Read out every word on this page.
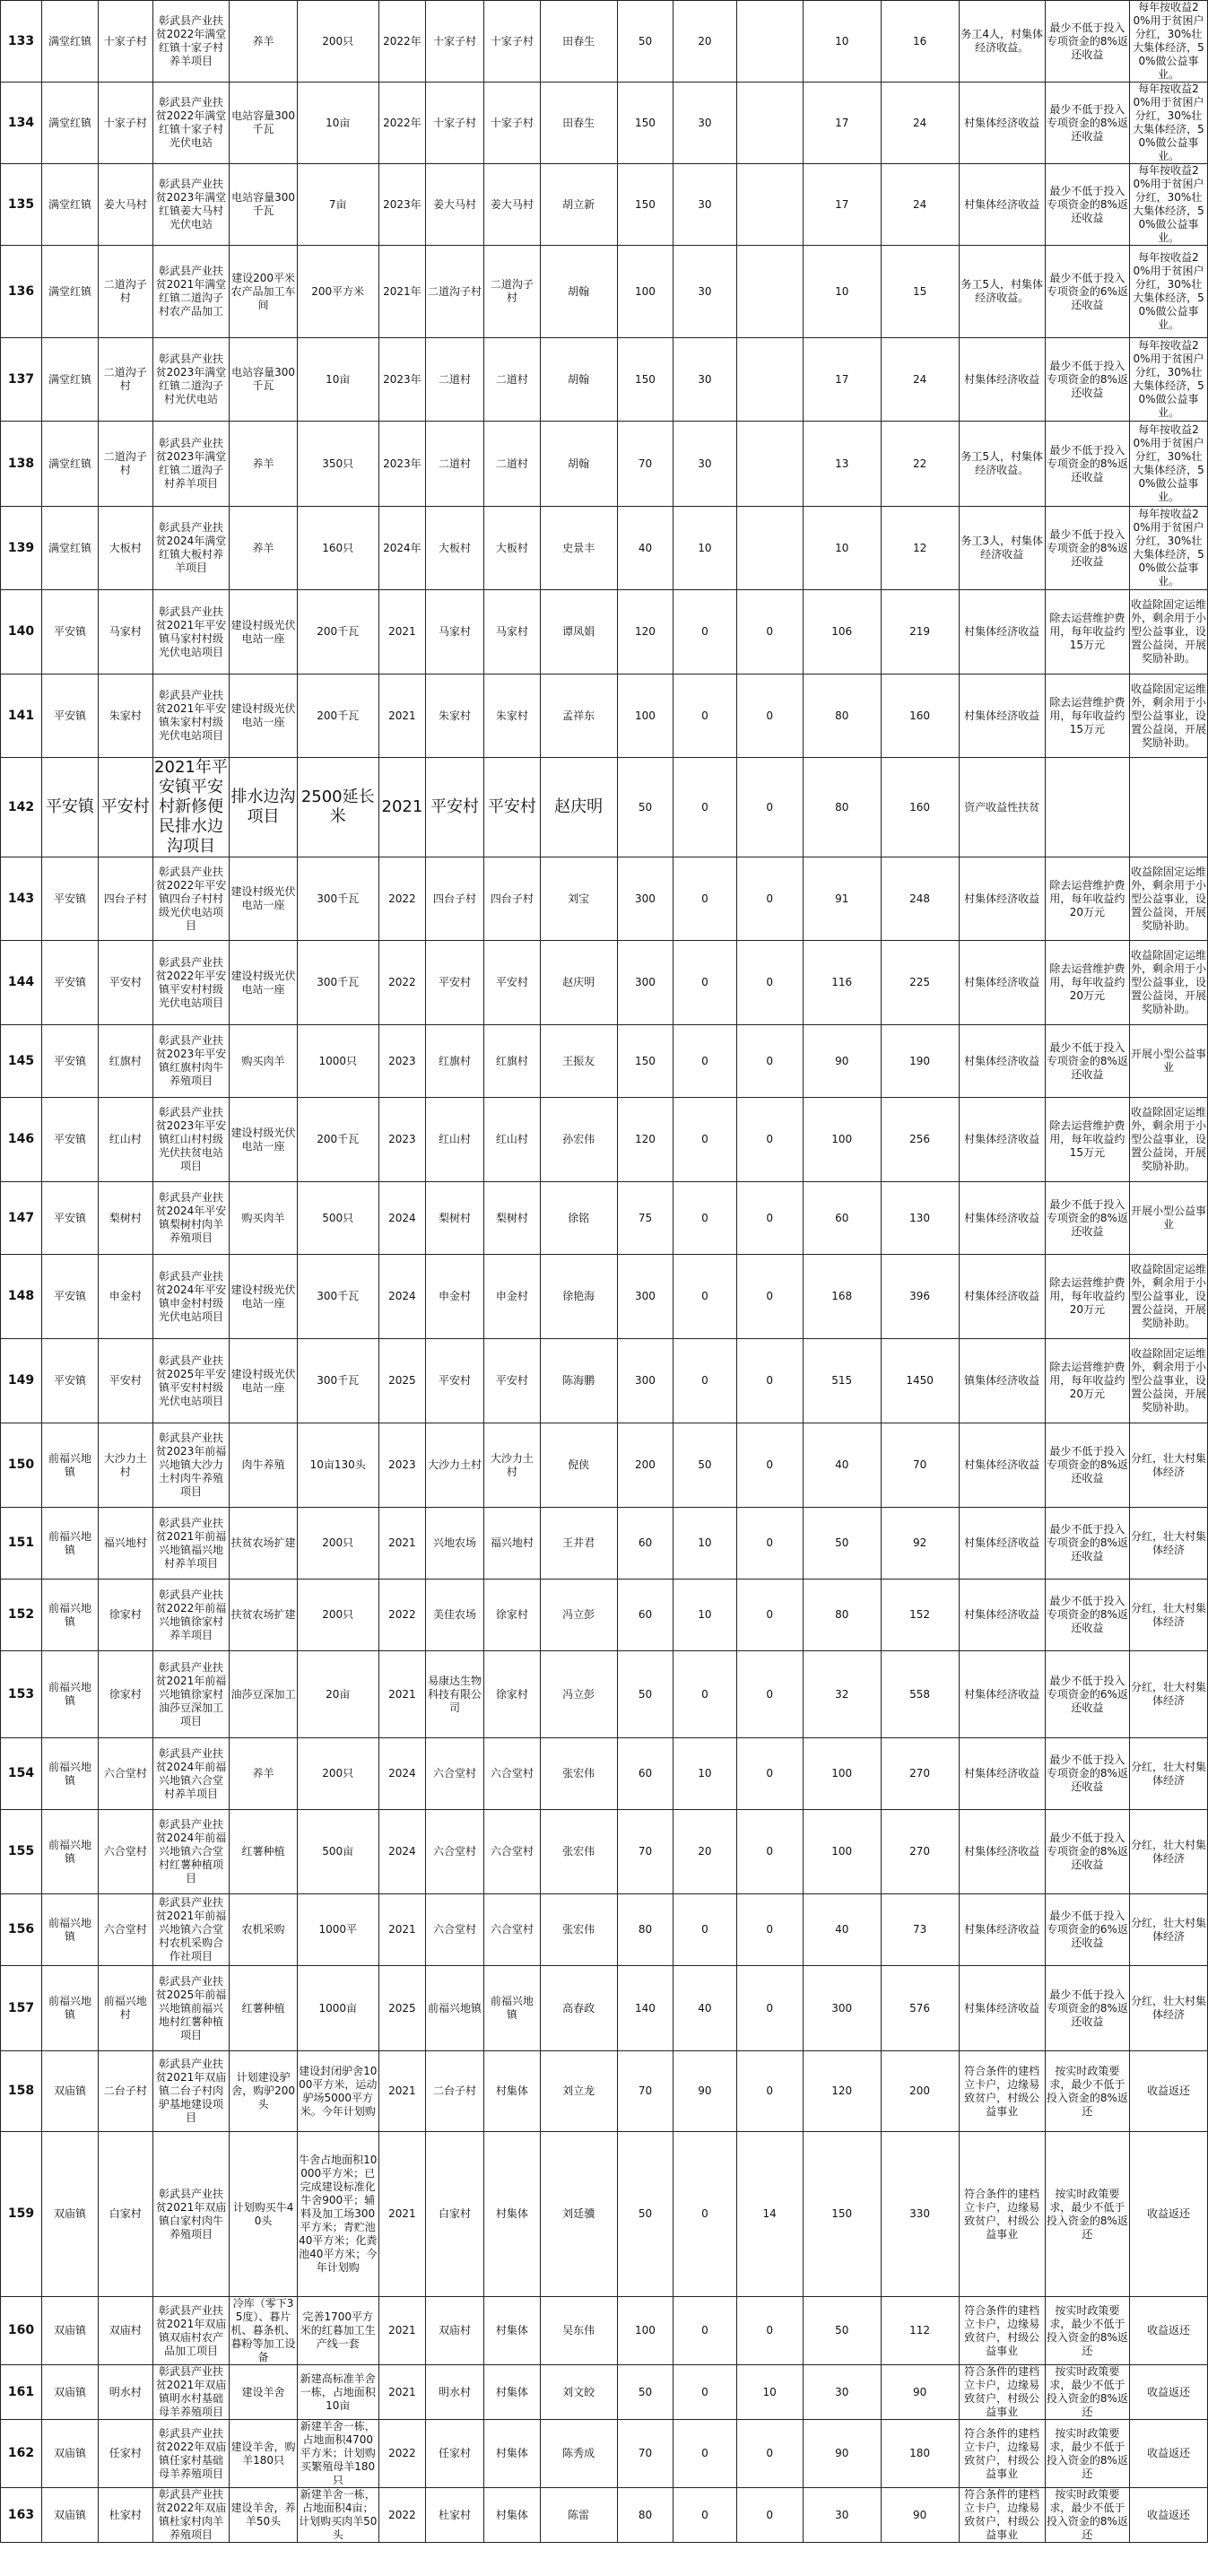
133	满堂红镇	十家子村	彰武县产业扶贫2022年满堂红镇十家子村养羊项目	养羊	200只	2022年	十家子村	十家子村	田春生	50	20		10	16	务工4人，村集体经济收益。	最少不低于投入专项资金的8%返还收益	每年按收益20%用于贫困户分红，30%壮大集体经济，50%做公益事业。
134	满堂红镇	十家子村	彰武县产业扶贫2022年满堂红镇十家子村光伏电站	电站容量300千瓦	10亩	2022年	十家子村	十家子村	田春生	150	30		17	24	村集体经济收益	最少不低于投入专项资金的8%返还收益	每年按收益20%用于贫困户分红，30%壮大集体经济，50%做公益事业。
135	满堂红镇	姜大马村	彰武县产业扶贫2023年满堂红镇姜大马村光伏电站	电站容量300千瓦	7亩	2023年	姜大马村	姜大马村	胡立新	150	30		17	24	村集体经济收益	最少不低于投入专项资金的8%返还收益	每年按收益20%用于贫困户分红，30%壮大集体经济，50%做公益事业。
136	满堂红镇	二道沟子村	彰武县产业扶贫2021年满堂红镇二道沟子村农产品加工	建设200平米农产品加工车间	200平方米	2021年	二道沟子村	二道沟子村	胡翰	100	30		10	15	务工5人，村集体经济收益。	最少不低于投入专项资金的6%返还收益	每年按收益20%用于贫困户分红，30%壮大集体经济，50%做公益事业。
137	满堂红镇	二道沟子村	彰武县产业扶贫2023年满堂红镇二道沟子村光伏电站	电站容量300千瓦	10亩	2023年	二道村	二道村	胡翰	150	30		17	24	村集体经济收益	最少不低于投入专项资金的8%返还收益	每年按收益20%用于贫困户分红，30%壮大集体经济，50%做公益事业。
138	满堂红镇	二道沟子村	彰武县产业扶贫2023年满堂红镇二道沟子村养羊项目	养羊	350只	2023年	二道村	二道村	胡翰	70	30		13	22	务工5人，村集体经济收益。	最少不低于投入专项资金的8%返还收益	每年按收益20%用于贫困户分红，30%壮大集体经济，50%做公益事业。
139	满堂红镇	大板村	彰武县产业扶贫2024年满堂红镇大板村养羊项目	养羊	160只	2024年	大板村	大板村	史景丰	40	10		10	12	务工3人，村集体经济收益	最少不低于投入专项资金的8%返还收益	每年按收益20%用于贫困户分红，30%壮大集体经济，50%做公益事业。
140	平安镇	马家村	彰武县产业扶贫2021年平安镇马家村村级光伏电站项目	建设村级光伏电站一座	200千瓦	2021	马家村	马家村	谭凤娟	120	0	0	106	219	村集体经济收益	除去运营维护费用，每年收益约15万元	收益除固定运维外，剩余用于小型公益事业，设置公益岗，开展奖励补助。
141	平安镇	朱家村	彰武县产业扶贫2021年平安镇朱家村村级光伏电站项目	建设村级光伏电站一座	200千瓦	2021	朱家村	朱家村	孟祥东	100	0	0	80	160	村集体经济收益	除去运营维护费用，每年收益约15万元	收益除固定运维外，剩余用于小型公益事业，设置公益岗，开展奖励补助。
142	平安镇	平安村	2021年平安镇平安村新修便民排水边沟项目	排水边沟项目	2500延长米	2021	平安村	平安村	赵庆明	50	0	0	80	160	资产收益性扶贫		
143	平安镇	四台子村	彰武县产业扶贫2022年平安镇四台子村村级光伏电站项目	建设村级光伏电站一座	300千瓦	2022	四台子村	四台子村	刘宝	300	0	0	91	248	村集体经济收益	除去运营维护费用，每年收益约20万元	收益除固定运维外，剩余用于小型公益事业，设置公益岗，开展奖励补助。
144	平安镇	平安村	彰武县产业扶贫2022年平安镇平安村村级光伏电站项目	建设村级光伏电站一座	300千瓦	2022	平安村	平安村	赵庆明	300	0	0	116	225	村集体经济收益	除去运营维护费用，每年收益约20万元	收益除固定运维外，剩余用于小型公益事业，设置公益岗，开展奖励补助。
145	平安镇	红旗村	彰武县产业扶贫2023年平安镇红旗村肉牛养殖项目	购买肉羊	1000只	2023	红旗村	红旗村	王振友	150	0	0	90	190	村集体经济收益	最少不低于投入专项资金的8%返还收益	开展小型公益事业
146	平安镇	红山村	彰武县产业扶贫2023年平安镇红山村村级光伏扶贫电站项目	建设村级光伏电站一座	200千瓦	2023	红山村	红山村	孙宏伟	120	0	0	100	256	村集体经济收益	除去运营维护费用，每年收益约15万元	收益除固定运维外，剩余用于小型公益事业，设置公益岗，开展奖励补助。
147	平安镇	梨树村	彰武县产业扶贫2024年平安镇梨树村肉羊养殖项目	购买肉羊	500只	2024	梨树村	梨树村	徐铭	75	0	0	60	130	村集体经济收益	最少不低于投入专项资金的8%返还收益	开展小型公益事业
148	平安镇	申金村	彰武县产业扶贫2024年平安镇申金村村级光伏电站项目	建设村级光伏电站一座	300千瓦	2024	申金村	申金村	徐艳海	300	0	0	168	396	村集体经济收益	除去运营维护费用，每年收益约20万元	收益除固定运维外，剩余用于小型公益事业，设置公益岗，开展奖励补助。
149	平安镇	平安村	彰武县产业扶贫2025年平安镇平安村村级光伏电站项目	建设村级光伏电站一座	300千瓦	2025	平安村	平安村	陈海鹏	300	0	0	515	1450	镇集体经济收益	除去运营维护费用，每年收益约20万元	收益除固定运维外，剩余用于小型公益事业，设置公益岗，开展奖励补助。
150	前福兴地镇	大沙力土村	彰武县产业扶贫2023年前福兴地镇大沙力土村肉牛养殖项目	肉牛养殖	10亩130头	2023	大沙力土村	大沙力土村	倪侠	200	50	0	40	70	村集体经济收益	最少不低于投入专项资金的8%返还收益	分红，壮大村集体经济
151	前福兴地镇	福兴地村	彰武县产业扶贫2021年前福兴地镇福兴地村养羊项目	扶贫农场扩建	200只	2021	兴地农场	福兴地村	王井君	60	10	0	50	92	村集体经济收益	最少不低于投入专项资金的8%返还收益	分红，壮大村集体经济
152	前福兴地镇	徐家村	彰武县产业扶贫2022年前福兴地镇徐家村养羊项目	扶贫农场扩建	200只	2022	美佳农场	徐家村	冯立彭	60	10	0	80	152	村集体经济收益	最少不低于投入专项资金的8%返还收益	分红，壮大村集体经济
153	前福兴地镇	徐家村	彰武县产业扶贫2021年前福兴地镇徐家村油莎豆深加工项目	油莎豆深加工	20亩	2021	易康达生物科技有限公司	徐家村	冯立彭	50	0	0	32	558	村集体经济收益	最少不低于投入专项资金的6%返还收益	分红，壮大村集体经济
154	前福兴地镇	六合堂村	彰武县产业扶贫2024年前福兴地镇六合堂村养羊项目	养羊	200只	2024	六合堂村	六合堂村	张宏伟	60	10	0	100	270	村集体经济收益	最少不低于投入专项资金的8%返还收益	分红，壮大村集体经济
155	前福兴地镇	六合堂村	彰武县产业扶贫2024年前福兴地镇六合堂村红薯种植项目	红薯种植	500亩	2024	六合堂村	六合堂村	张宏伟	70	20	0	100	270	村集体经济收益	最少不低于投入专项资金的8%返还收益	分红，壮大村集体经济
156	前福兴地镇	六合堂村	彰武县产业扶贫2021年前福兴地镇六合堂村农机采购合作社项目	农机采购	1000平	2021	六合堂村	六合堂村	张宏伟	80	0	0	40	73	村集体经济收益	最少不低于投入专项资金的6%返还收益	分红，壮大村集体经济
157	前福兴地镇	前福兴地村	彰武县产业扶贫2025年前福兴地镇前福兴地村红薯种植项目	红薯种植	1000亩	2025	前福兴地镇	前福兴地镇	高春政	140	40	0	300	576	村集体经济收益	最少不低于投入专项资金的8%返还收益	分红，壮大村集体经济
158	双庙镇	二台子村	彰武县产业扶贫2021年双庙镇二台子村肉驴基地建设项目	计划建设驴舍，购驴200头	建设封闭驴舍1000平方米，运动驴场5000平方米。今年计划购	2021	二台子村	村集体	刘立龙	70	90	0	120	200	符合条件的建档立卡户，边缘易致贫户，村级公益事业	按实时政策要求，最少不低于投入资金的8%返还	收益返还
159	双庙镇	白家村	彰武县产业扶贫2021年双庙镇白家村肉牛养殖项目	计划购买牛40头	牛舍占地面积10000平方米；已完成建设标准化牛舍900平；辅料及加工场300平方米；青贮池40平方米；化粪池40平方米；今年计划购	2021	白家村	村集体	刘廷骥	50	0	14	150	330	符合条件的建档立卡户，边缘易致贫户，村级公益事业	按实时政策要求，最少不低于投入资金的8%返还	收益返还
160	双庙镇	双庙村	彰武县产业扶贫2021年双庙镇双庙村农产品加工项目	冷库（零下35度）、暮片机、暮条机、暮粉等加工设备	完善1700平方米的红暮加工生产线一套	2021	双庙村	村集体	吴东伟	100	0	0	50	112	符合条件的建档立卡户，边缘易致贫户，村级公益事业	按实时政策要求，最少不低于投入资金的8%返还	收益返还
161	双庙镇	明水村	彰武县产业扶贫2021年双庙镇明水村基础母羊养殖项目	建设羊舍	新建高标准羊舍一栋，占地面积10亩	2021	明水村	村集体	刘文皎	50	0	10	30	90	符合条件的建档立卡户，边缘易致贫户，村级公益事业	按实时政策要求，最少不低于投入资金的8%返还	收益返还
162	双庙镇	任家村	彰武县产业扶贫2022年双庙镇任家村基础母羊养殖项目	建设羊舍，购羊180只	新建羊舍一栋，占地面积4700平方米；计划购买繁殖母羊180只	2022	任家村	村集体	陈秀成	70	0	0	90	180	符合条件的建档立卡户，边缘易致贫户，村级公益事业	按实时政策要求，最少不低于投入资金的8%返还	收益返还
163	双庙镇	杜家村	彰武县产业扶贫2022年双庙镇杜家村肉羊养殖项目	建设羊舍，养羊50头	新建羊舍一栋，占地面积4亩；计划购买肉羊50头	2022	杜家村	村集体	陈雷	80	0	0	30	90	符合条件的建档立卡户，边缘易致贫户，村级公益事业	按实时政策要求，最少不低于投入资金的8%返还	收益返还
